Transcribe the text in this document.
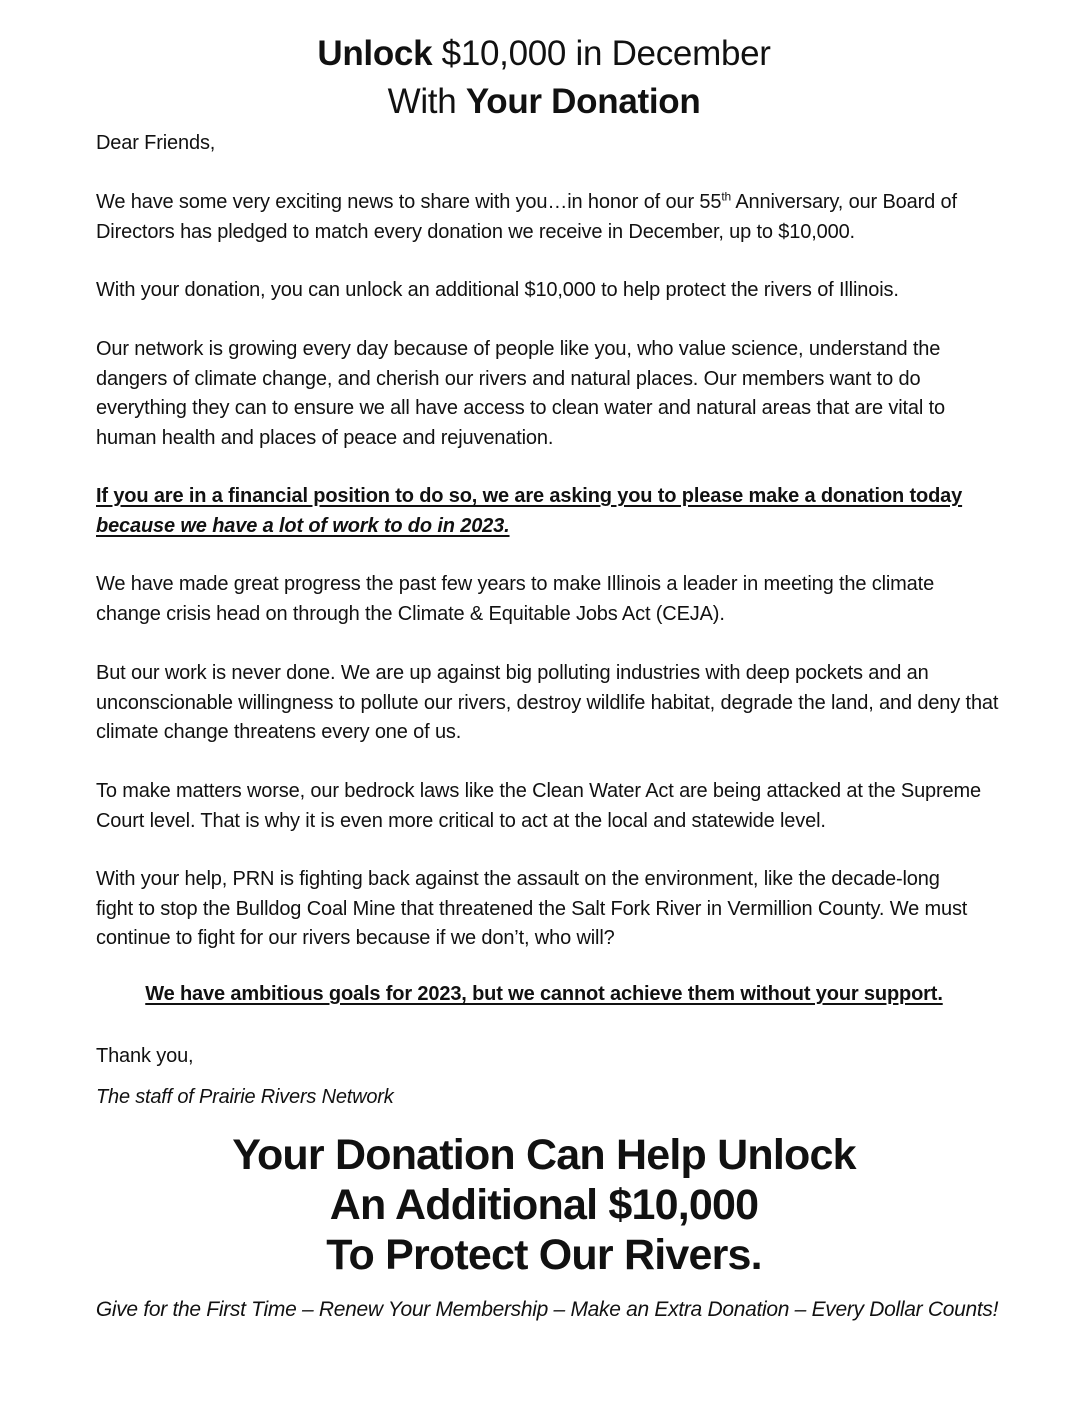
Unlock $10,000 in December
With Your Donation

Dear Friends,

We have some very exciting news to share with you…in honor of our 55th Anniversary, our Board of Directors has pledged to match every donation we receive in December, up to $10,000.

With your donation, you can unlock an additional $10,000 to help protect the rivers of Illinois.

Our network is growing every day because of people like you, who value science, understand the dangers of climate change, and cherish our rivers and natural places. Our members want to do everything they can to ensure we all have access to clean water and natural areas that are vital to human health and places of peace and rejuvenation.

If you are in a financial position to do so, we are asking you to please make a donation today
because we have a lot of work to do in 2023.

We have made great progress the past few years to make Illinois a leader in meeting the climate change crisis head on through the Climate & Equitable Jobs Act (CEJA).

But our work is never done. We are up against big polluting industries with deep pockets and an unconscionable willingness to pollute our rivers, destroy wildlife habitat, degrade the land, and deny that climate change threatens every one of us.

To make matters worse, our bedrock laws like the Clean Water Act are being attacked at the Supreme Court level. That is why it is even more critical to act at the local and statewide level.

With your help, PRN is fighting back against the assault on the environment, like the decade-long fight to stop the Bulldog Coal Mine that threatened the Salt Fork River in Vermillion County. We must continue to fight for our rivers because if we don’t, who will?

We have ambitious goals for 2023, but we cannot achieve them without your support.

Thank you,

The staff of Prairie Rivers Network
Your Donation Can Help Unlock
An Additional $10,000
To Protect Our Rivers.
Give for the First Time – Renew Your Membership – Make an Extra Donation – Every Dollar Counts!
